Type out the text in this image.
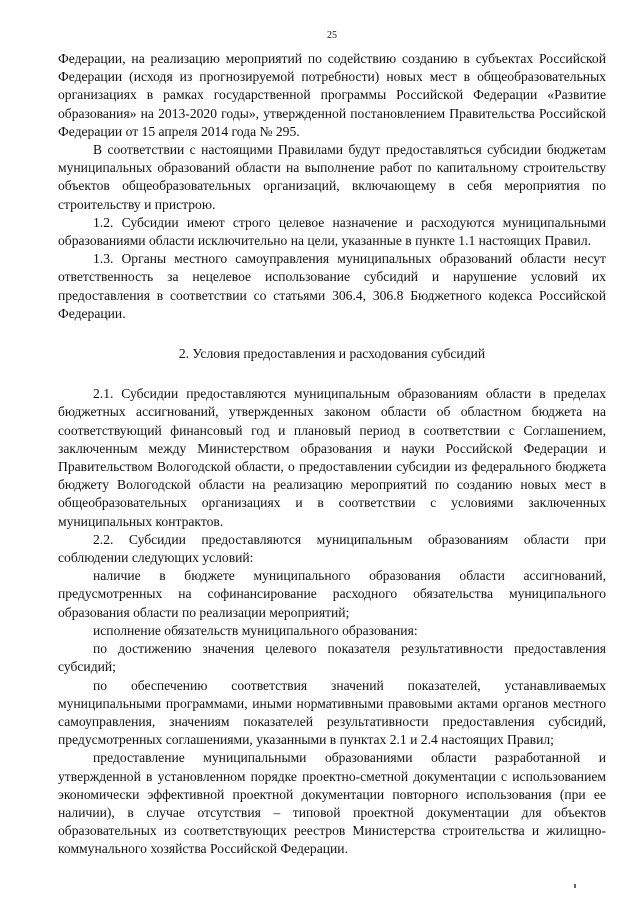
25

Федерации, на реализацию мероприятий по содействию созданию в субъектах Российской Федерации (исходя из прогнозируемой потребности) новых мест в общеобразовательных организациях в рамках государственной программы Российской Федерации «Развитие образования» на 2013-2020 годы», утвержденной постановлением Правительства Российской Федерации от 15 апреля 2014 года № 295.

В соответствии с настоящими Правилами будут предоставляться субсидии бюджетам муниципальных образований области на выполнение работ по капитальному строительству объектов общеобразовательных организаций, включающему в себя мероприятия по строительству и пристрою.

1.2. Субсидии имеют строго целевое назначение и расходуются муниципальными образованиями области исключительно на цели, указанные в пункте 1.1 настоящих Правил.

1.3. Органы местного самоуправления муниципальных образований области несут ответственность за нецелевое использование субсидий и нарушение условий их предоставления в соответствии со статьями 306.4, 306.8 Бюджетного кодекса Российской Федерации.

2. Условия предоставления и расходования субсидий

2.1. Субсидии предоставляются муниципальным образованиям области в пределах бюджетных ассигнований, утвержденных законом области об областном бюджета на соответствующий финансовый год и плановый период в соответствии с Соглашением, заключенным между Министерством образования и науки Российской Федерации и Правительством Вологодской области, о предоставлении субсидии из федерального бюджета бюджету Вологодской области на реализацию мероприятий по созданию новых мест в общеобразовательных организациях и в соответствии с условиями заключенных муниципальных контрактов.

2.2. Субсидии предоставляются муниципальным образованиям области при соблюдении следующих условий:

наличие в бюджете муниципального образования области ассигнований, предусмотренных на софинансирование расходного обязательства муниципального образования области по реализации мероприятий;

исполнение обязательств муниципального образования:

по достижению значения целевого показателя результативности предоставления субсидий;

по обеспечению соответствия значений показателей, устанавливаемых муниципальными программами, иными нормативными правовыми актами органов местного самоуправления, значениям показателей результативности предоставления субсидий, предусмотренных соглашениями, указанными в пунктах 2.1 и 2.4 настоящих Правил;

предоставление муниципальными образованиями области разработанной и утвержденной в установленном порядке проектно-сметной документации с использованием экономически эффективной проектной документации повторного использования (при ее наличии), в случае отсутствия – типовой проектной документации для объектов образовательных из соответствующих реестров Министерства строительства и жилищно-коммунального хозяйства Российской Федерации.
